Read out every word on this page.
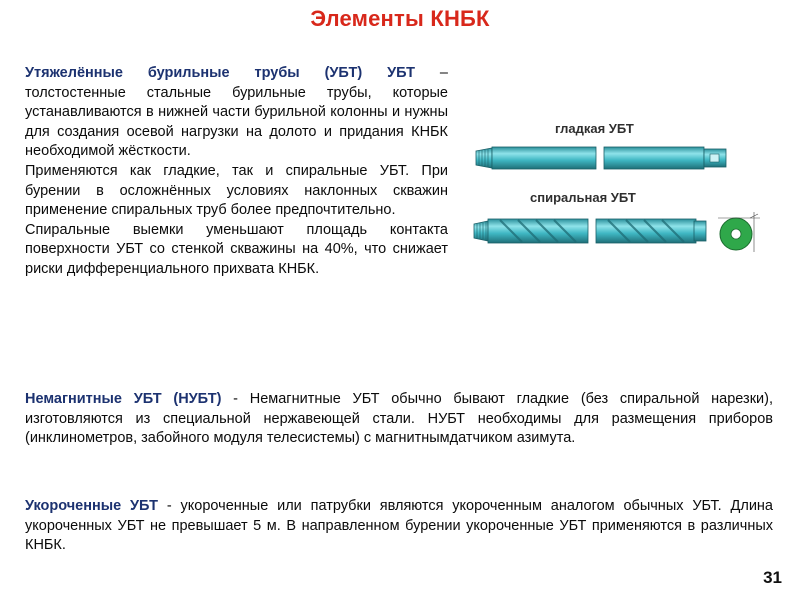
Элементы КНБК
Утяжелённые бурильные трубы (УБТ) УБТ – толстостенные стальные бурильные трубы, которые устанавливаются в нижней части бурильной колонны и нужны для создания осевой нагрузки на долото и придания КНБК необходимой жёсткости.
Применяются как гладкие, так и спиральные УБТ. При бурении в осложнённых условиях наклонных скважин применение спиральных труб более предпочтительно.
Спиральные выемки уменьшают площадь контакта поверхности УБТ со стенкой скважины на 40%, что снижает риски дифференциального прихвата КНБК.
гладкая УБТ
спиральная УБТ
Немагнитные УБТ (НУБТ) - Немагнитные УБТ обычно бывают гладкие (без спиральной нарезки), изготовляются из специальной нержавеющей стали. НУБТ необходимы для размещения приборов (инклинометров, забойного модуля телесистемы) с магнитнымдатчиком азимута.
Укороченные УБТ - укороченные или патрубки являются укороченным аналогом обычных УБТ. Длина укороченных УБТ не превышает 5 м. В направленном бурении укороченные УБТ применяются в различных КНБК.
31
